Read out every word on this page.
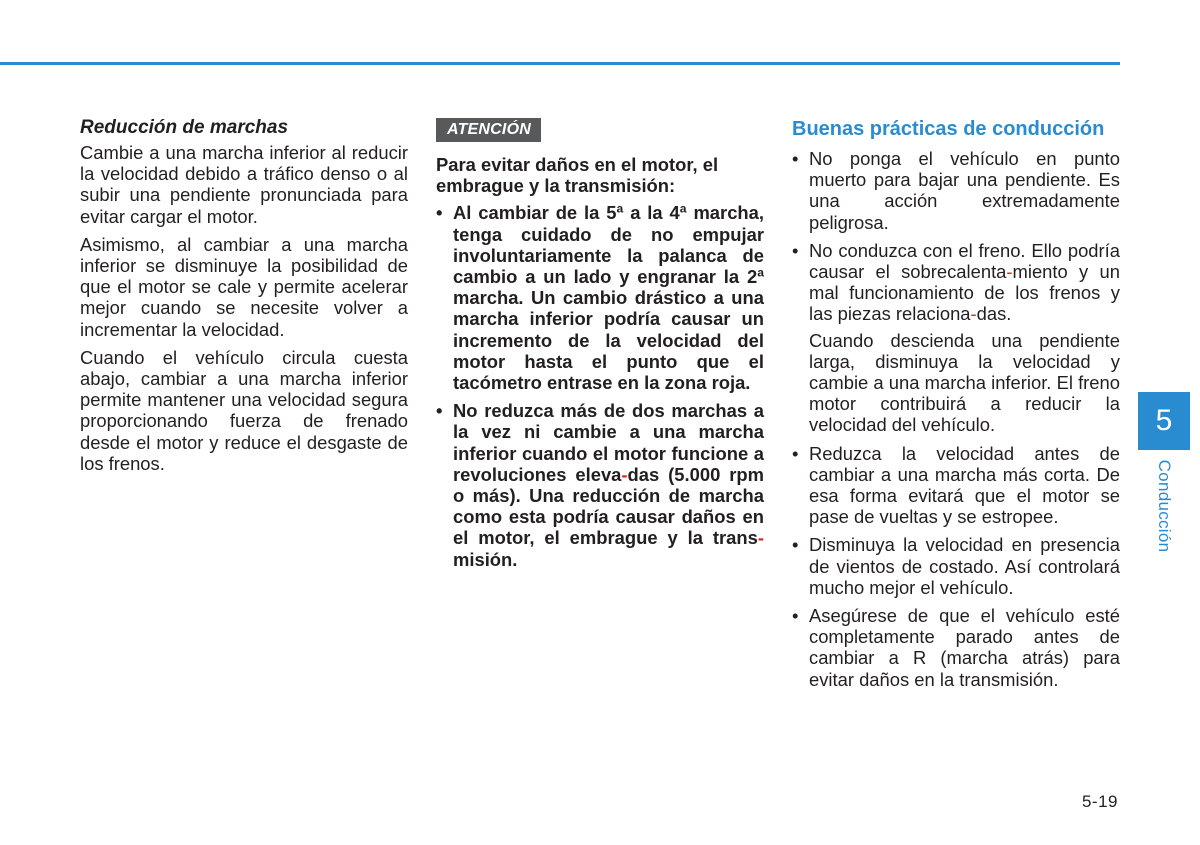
Reducción de marchas

Cambie a una marcha inferior al reducir la velocidad debido a tráfico denso o al subir una pendiente pronunciada para evitar cargar el motor.

Asimismo, al cambiar a una marcha inferior se disminuye la posibilidad de que el motor se cale y permite acelerar mejor cuando se necesite volver a incrementar la velocidad.

Cuando el vehículo circula cuesta abajo, cambiar a una marcha inferior permite mantener una velocidad segura proporcionando fuerza de frenado desde el motor y reduce el desgaste de los frenos.

ATENCIÓN
Para evitar daños en el motor, el embrague y la transmisión:
• Al cambiar de la 5ª a la 4ª marcha, tenga cuidado de no empujar involuntariamente la palanca de cambio a un lado y engranar la 2ª marcha. Un cambio drástico a una marcha inferior podría causar un incremento de la velocidad del motor hasta el punto que el tacómetro entrase en la zona roja.
• No reduzca más de dos marchas a la vez ni cambie a una marcha inferior cuando el motor funcione a revoluciones eleva-das (5.000 rpm o más). Una reducción de marcha como esta podría causar daños en el motor, el embrague y la trans-misión.
Buenas prácticas de conducción
• No ponga el vehículo en punto muerto para bajar una pendiente. Es una acción extremadamente peligrosa.
• No conduzca con el freno. Ello podría causar el sobrecalenta-miento y un mal funcionamiento de los frenos y las piezas relaciona-das.

Cuando descienda una pendiente larga, disminuya la velocidad y cambie a una marcha inferior. El freno motor contribuirá a reducir la velocidad del vehículo.

• Reduzca la velocidad antes de cambiar a una marcha más corta. De esa forma evitará que el motor se pase de vueltas y se estropee.
• Disminuya la velocidad en presencia de vientos de costado. Así controlará mucho mejor el vehículo.
• Asegúrese de que el vehículo esté completamente parado antes de cambiar a R (marcha atrás) para evitar daños en la transmisión.
5
Conducción
5-19
